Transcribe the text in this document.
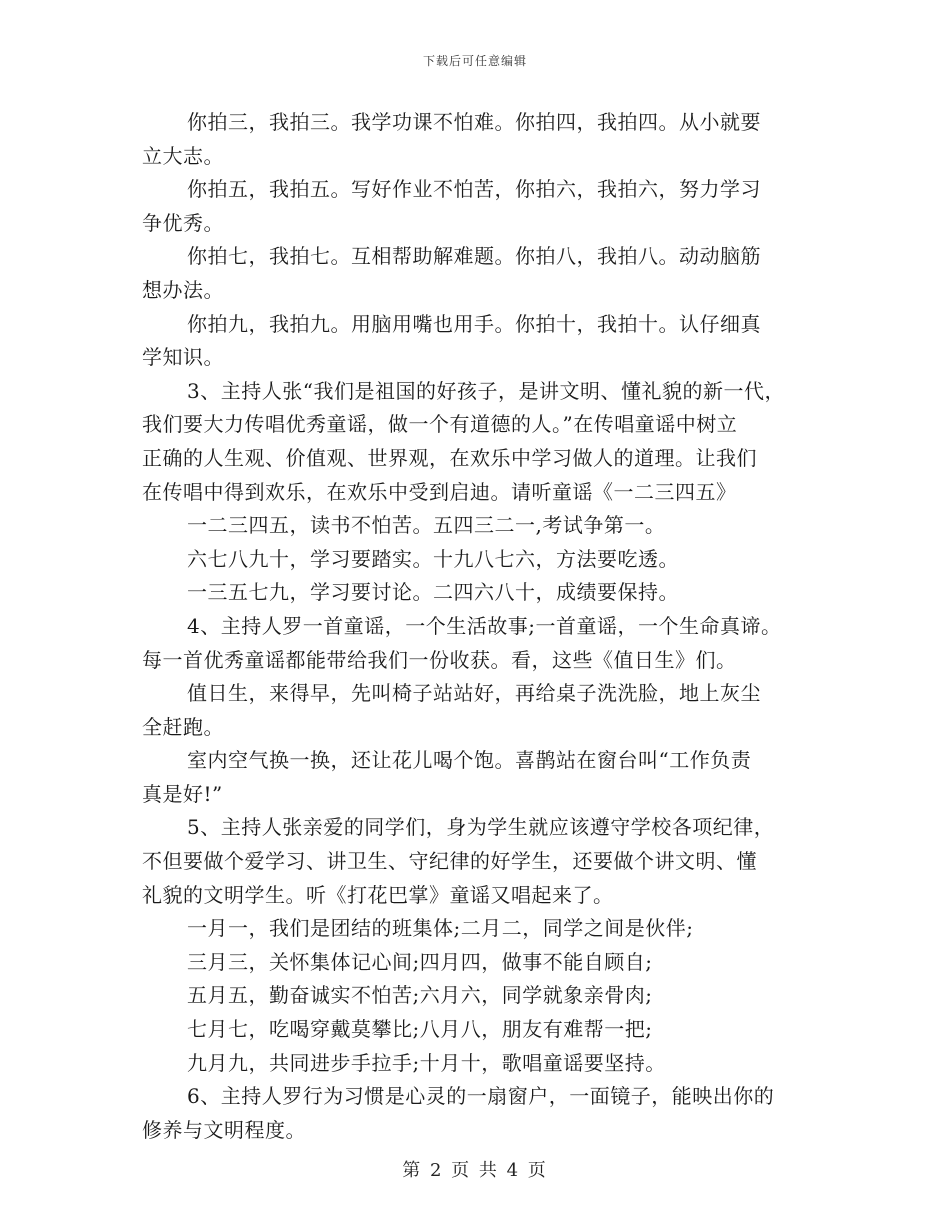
下载后可任意编辑
你拍三，我拍三。我学功课不怕难。你拍四，我拍四。从小就要
立大志。
你拍五，我拍五。写好作业不怕苦，你拍六，我拍六，努力学习
争优秀。
你拍七，我拍七。互相帮助解难题。你拍八，我拍八。动动脑筋
想办法。
你拍九，我拍九。用脑用嘴也用手。你拍十，我拍十。认仔细真
学知识。
3、主持人张“我们是祖国的好孩子，是讲文明、懂礼貌的新一代，
我们要大力传唱优秀童谣，做一个有道德的人。”在传唱童谣中树立
正确的人生观、价值观、世界观，在欢乐中学习做人的道理。让我们
在传唱中得到欢乐，在欢乐中受到启迪。请听童谣《一二三四五》
一二三四五，读书不怕苦。五四三二一,考试争第一。
六七八九十，学习要踏实。十九八七六，方法要吃透。
一三五七九，学习要讨论。二四六八十，成绩要保持。
4、主持人罗一首童谣，一个生活故事;一首童谣，一个生命真谛。
每一首优秀童谣都能带给我们一份收获。看，这些《值日生》们。
值日生，来得早，先叫椅子站站好，再给桌子洗洗脸，地上灰尘
全赶跑。
室内空气换一换，还让花儿喝个饱。喜鹊站在窗台叫“工作负责
真是好!”
5、主持人张亲爱的同学们，身为学生就应该遵守学校各项纪律，
不但要做个爱学习、讲卫生、守纪律的好学生，还要做个讲文明、懂
礼貌的文明学生。听《打花巴掌》童谣又唱起来了。
一月一，我们是团结的班集体;二月二，同学之间是伙伴;
三月三，关怀集体记心间;四月四，做事不能自顾自;
五月五，勤奋诚实不怕苦;六月六，同学就象亲骨肉;
七月七，吃喝穿戴莫攀比;八月八，朋友有难帮一把;
九月九，共同进步手拉手;十月十，歌唱童谣要坚持。
6、主持人罗行为习惯是心灵的一扇窗户，一面镜子，能映出你的
修养与文明程度。
第 2 页 共 4 页
